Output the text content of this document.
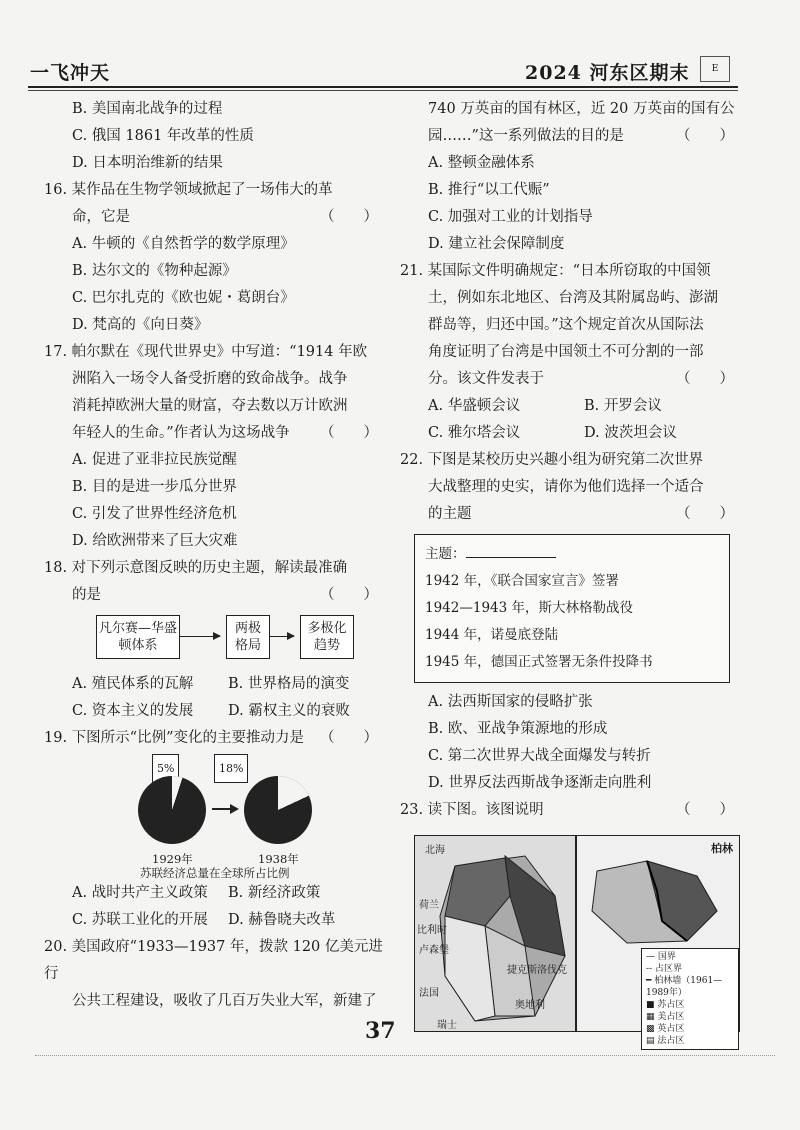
一飞冲天	2024 河东区期末	E

B. 美国南北战争的过程

C. 俄国 1861 年改革的性质

D. 日本明治维新的结果

16. 某作品在生物学领域掀起了一场伟大的革

命，它是	（　　）

A. 牛顿的《自然哲学的数学原理》

B. 达尔文的《物种起源》

C. 巴尔扎克的《欧也妮・葛朗台》

D. 梵高的《向日葵》

17. 帕尔默在《现代世界史》中写道：“1914 年欧

洲陷入一场令人备受折磨的致命战争。战争

消耗掉欧洲大量的财富，夺去数以万计欧洲

年轻人的生命。”作者认为这场战争 （　　）

A. 促进了亚非拉民族觉醒

B. 目的是进一步瓜分世界

C. 引发了世界性经济危机

D. 给欧洲带来了巨大灾难

18. 对下列示意图反映的历史主题，解读最准确

的是	（　　）

凡尔赛—华盛顿体系
两极格局
多极化趋势

A. 殖民体系的瓦解	B. 世界格局的演变

C. 资本主义的发展	D. 霸权主义的衰败

19. 下图所示“比例”变化的主要推动力是 （　　）

5%	18%
1929年	1938年
苏联经济总量在全球所占比例

A. 战时共产主义政策	B. 新经济政策

C. 苏联工业化的开展	D. 赫鲁晓夫改革

20. 美国政府“1933—1937 年，拨款 120 亿美元进行

公共工程建设，吸收了几百万失业大军，新建了

740 万英亩的国有林区，近 20 万英亩的国有公

园……”这一系列做法的目的是	（　　）

A. 整顿金融体系

B. 推行“以工代赈”

C. 加强对工业的计划指导

D. 建立社会保障制度

21. 某国际文件明确规定：“日本所窃取的中国领

土，例如东北地区、台湾及其附属岛屿、澎湖

群岛等，归还中国。”这个规定首次从国际法

角度证明了台湾是中国领土不可分割的一部

分。该文件发表于	（　　）

A. 华盛顿会议	B. 开罗会议

C. 雅尔塔会议	D. 波茨坦会议

22. 下图是某校历史兴趣小组为研究第二次世界

大战整理的史实，请你为他们选择一个适合

的主题	（　　）

主题：
1942 年，《联合国家宣言》签署
1942—1943 年，斯大林格勒战役
1944 年，诺曼底登陆
1945 年，德国正式签署无条件投降书

A. 法西斯国家的侵略扩张

B. 欧、亚战争策源地的形成

C. 第二次世界大战全面爆发与转折

D. 世界反法西斯战争逐渐走向胜利

23. 读下图。该图说明	（　　）

北海
荷兰
比利时
卢森堡
法国
捷克斯洛伐克
奥地利
瑞士
柏林
— 国界
-- 占区界
━ 柏林墙（1961—1989年）
■ 苏占区
▦ 美占区
▩ 英占区
▤ 法占区
37
